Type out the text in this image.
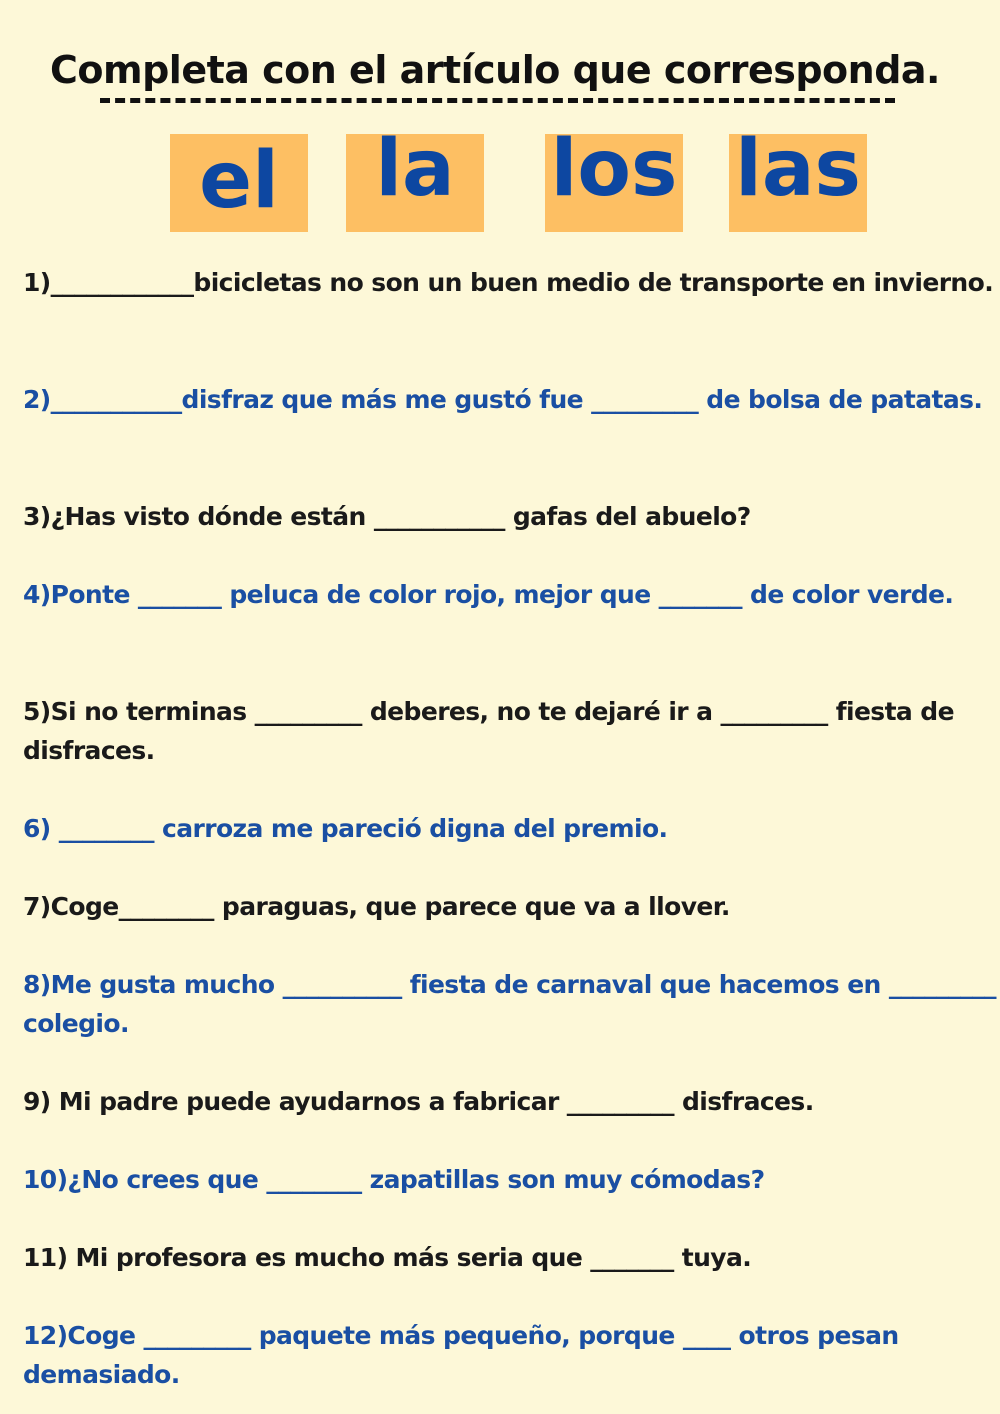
Completa con el artículo que corresponda.
el	la	los las

1)____________bicicletas no son un buen medio de transporte en invierno.

2)___________disfraz que más me gustó fue _________ de bolsa de patatas.

3)¿Has visto dónde están ___________ gafas del abuelo?

4)Ponte _______ peluca de color rojo, mejor que _______ de color verde.

5)Si no terminas _________ deberes, no te dejaré ir a _________ fiesta de disfraces.

6) ________ carroza me pareció digna del premio.

7)Coge________ paraguas, que parece que va a llover.

8)Me gusta mucho __________ fiesta de carnaval que hacemos en _________ colegio.

9) Mi padre puede ayudarnos a fabricar _________ disfraces.

10)¿No crees que ________ zapatillas son muy cómodas?

11) Mi profesora es mucho más seria que _______ tuya.

12)Coge _________ paquete más pequeño, porque ____ otros pesan demasiado.
